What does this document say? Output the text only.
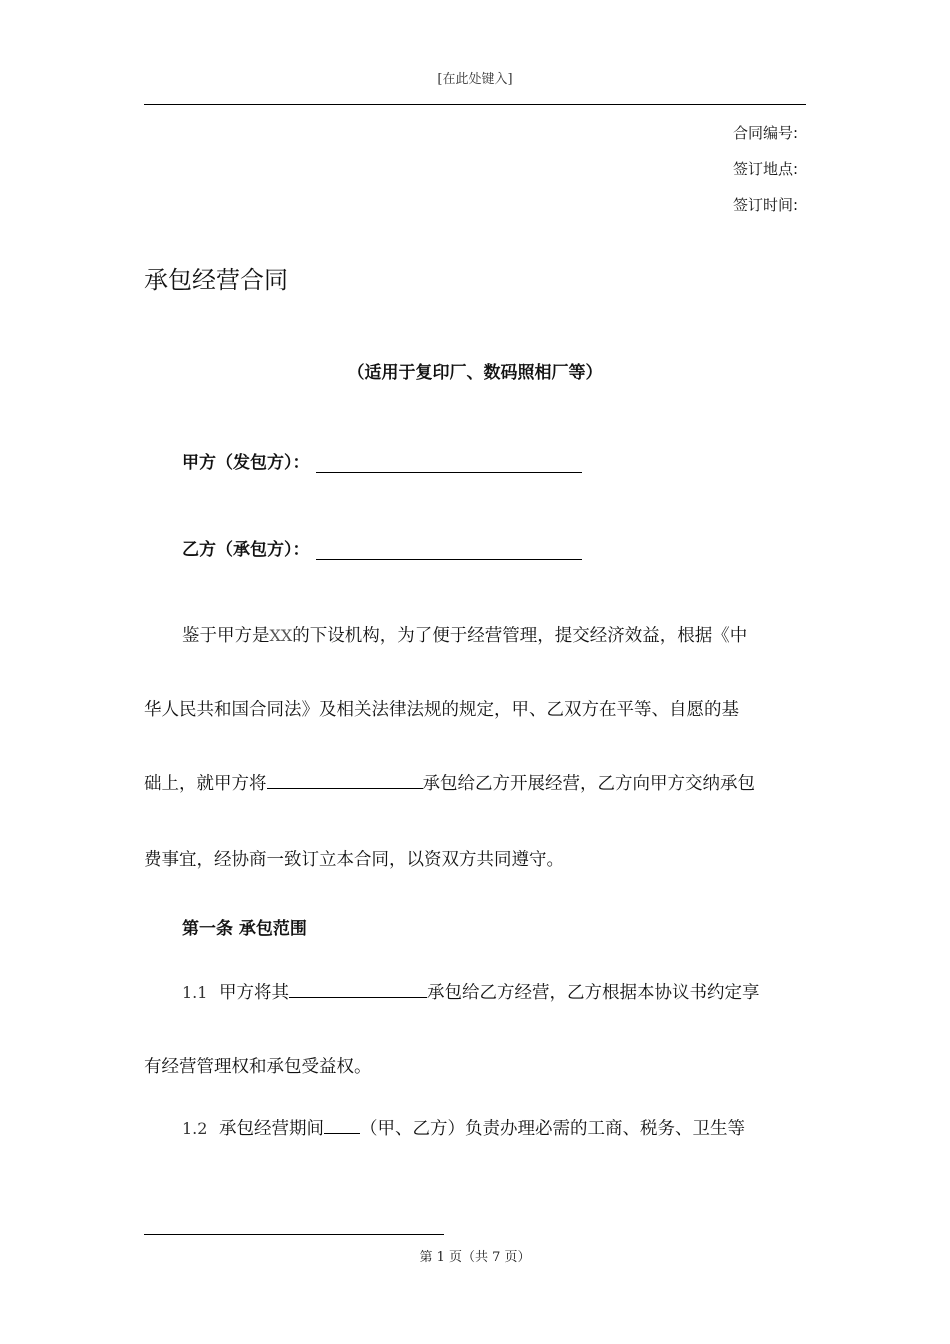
[在此处键入]
合同编号:
签订地点:
签订时间:
承包经营合同
（适用于复印厂、数码照相厂等）
甲方（发包方）：
乙方（承包方）：
鉴于甲方是XX的下设机构，为了便于经营管理，提交经济效益，根据《中
华人民共和国合同法》及相关法律法规的规定，甲、乙双方在平等、自愿的基
础上，就甲方将	承包给乙方开展经营，乙方向甲方交纳承包
费事宜，经协商一致订立本合同，以资双方共同遵守。
第一条 承包范围
1.1 甲方将其	承包给乙方经营，乙方根据本协议书约定享
有经营管理权和承包受益权。
1.2 承包经营期间 （甲、乙方）负责办理必需的工商、税务、卫生等
第 1 页（共 7 页）
